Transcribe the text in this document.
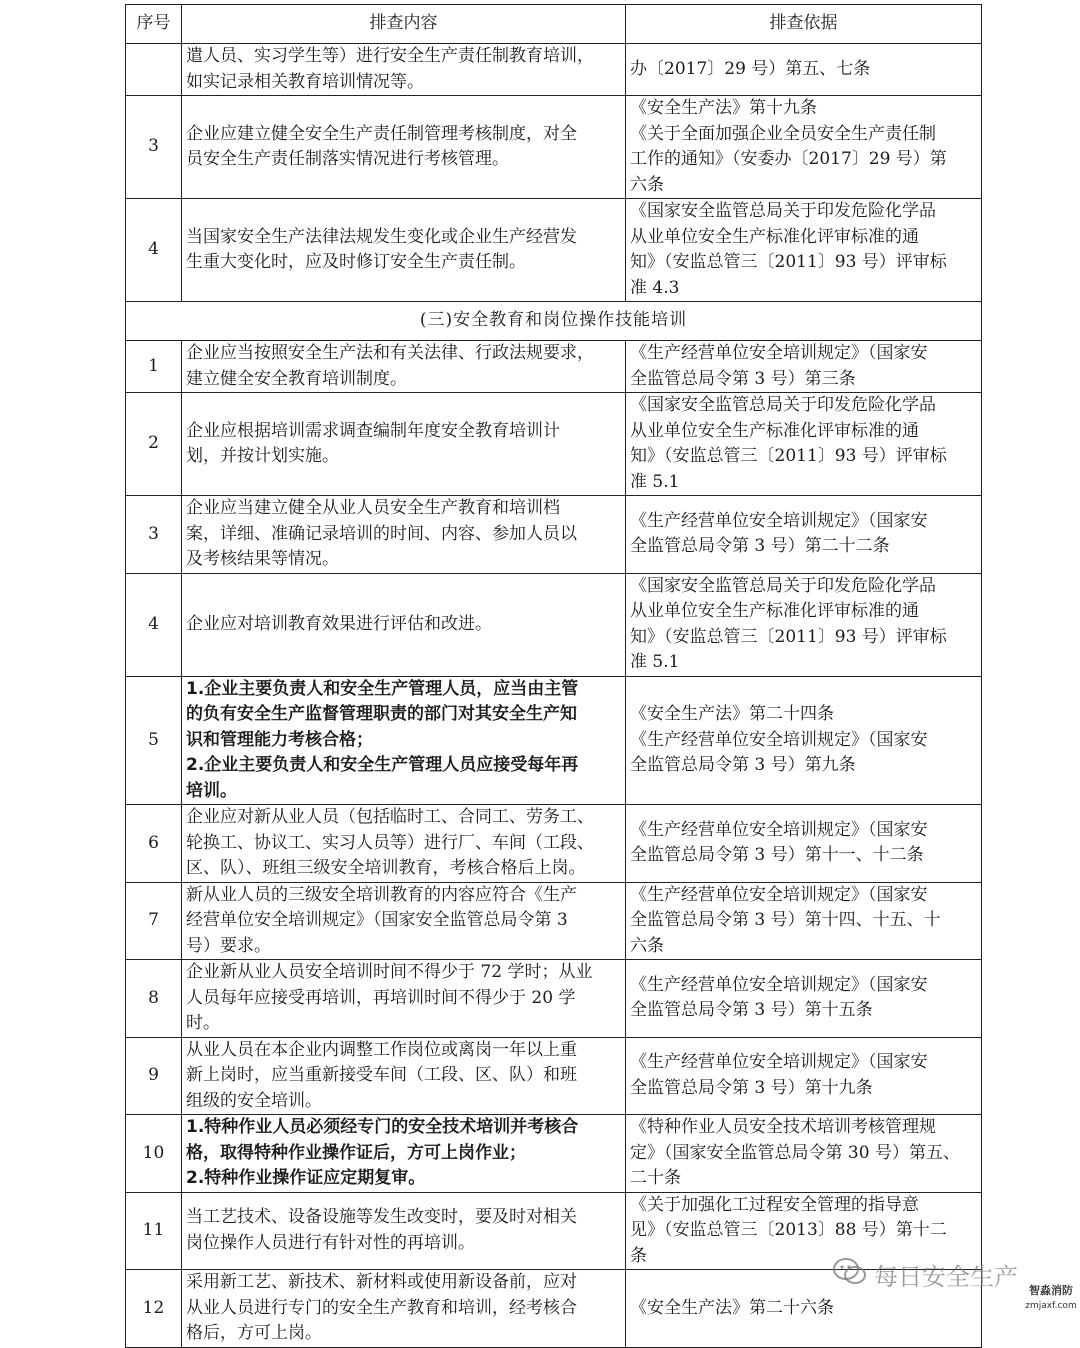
序号	排查内容	排查依据

	遣人员、实习学生等）进行安全生产责任制教育培训，
如实记录相关教育培训情况等。	办〔2017〕29 号）第五、七条

3	企业应建立健全安全生产责任制管理考核制度，对全
员安全生产责任制落实情况进行考核管理。	《安全生产法》第十九条
《关于全面加强企业全员安全生产责任制
工作的通知》（安委办〔2017〕29 号）第
六条

4	当国家安全生产法律法规发生变化或企业生产经营发
生重大变化时，应及时修订安全生产责任制。	《国家安全监管总局关于印发危险化学品
从业单位安全生产标准化评审标准的通
知》（安监总管三〔2011〕93 号）评审标
准 4.3

(三)安全教育和岗位操作技能培训		
1	企业应当按照安全生产法和有关法律、行政法规要求，
建立健全安全教育培训制度。	《生产经营单位安全培训规定》（国家安
全监管总局令第 3 号）第三条

2	企业应根据培训需求调查编制年度安全教育培训计
划，并按计划实施。	《国家安全监管总局关于印发危险化学品
从业单位安全生产标准化评审标准的通
知》（安监总管三〔2011〕93 号）评审标
准 5.1

3	企业应当建立健全从业人员安全生产教育和培训档
案，详细、准确记录培训的时间、内容、参加人员以
及考核结果等情况。	《生产经营单位安全培训规定》（国家安
全监管总局令第 3 号）第二十二条

4	企业应对培训教育效果进行评估和改进。	《国家安全监管总局关于印发危险化学品
从业单位安全生产标准化评审标准的通
知》（安监总管三〔2011〕93 号）评审标
准 5.1

5	1.企业主要负责人和安全生产管理人员，应当由主管
的负有安全生产监督管理职责的部门对其安全生产知
识和管理能力考核合格；
2.企业主要负责人和安全生产管理人员应接受每年再
培训。	《安全生产法》第二十四条
《生产经营单位安全培训规定》（国家安
全监管总局令第 3 号）第九条

6	企业应对新从业人员（包括临时工、合同工、劳务工、
轮换工、协议工、实习人员等）进行厂、车间（工段、
区、队）、班组三级安全培训教育，考核合格后上岗。	《生产经营单位安全培训规定》（国家安
全监管总局令第 3 号）第十一、十二条

7	新从业人员的三级安全培训教育的内容应符合《生产
经营单位安全培训规定》（国家安全监管总局令第 3
号）要求。	《生产经营单位安全培训规定》（国家安
全监管总局令第 3 号）第十四、十五、十
六条

8	企业新从业人员安全培训时间不得少于 72 学时；从业
人员每年应接受再培训，再培训时间不得少于 20 学
时。	《生产经营单位安全培训规定》（国家安
全监管总局令第 3 号）第十五条

9	从业人员在本企业内调整工作岗位或离岗一年以上重
新上岗时，应当重新接受车间（工段、区、队）和班
组级的安全培训。	《生产经营单位安全培训规定》（国家安
全监管总局令第 3 号）第十九条

10	1.特种作业人员必须经专门的安全技术培训并考核合
格，取得特种作业操作证后，方可上岗作业；
2.特种作业操作证应定期复审。	《特种作业人员安全技术培训考核管理规
定》（国家安全监管总局令第 30 号）第五、
二十条

11	当工艺技术、设备设施等发生改变时，要及时对相关
岗位操作人员进行有针对性的再培训。	《关于加强化工过程安全管理的指导意
见》（安监总管三〔2013〕88 号）第十二
条

12	采用新工艺、新技术、新材料或使用新设备前，应对
从业人员进行专门的安全生产教育和培训，经考核合
格后，方可上岗。	《安全生产法》第二十六条
每日安全生产	智淼消防
zmjaxf.com
